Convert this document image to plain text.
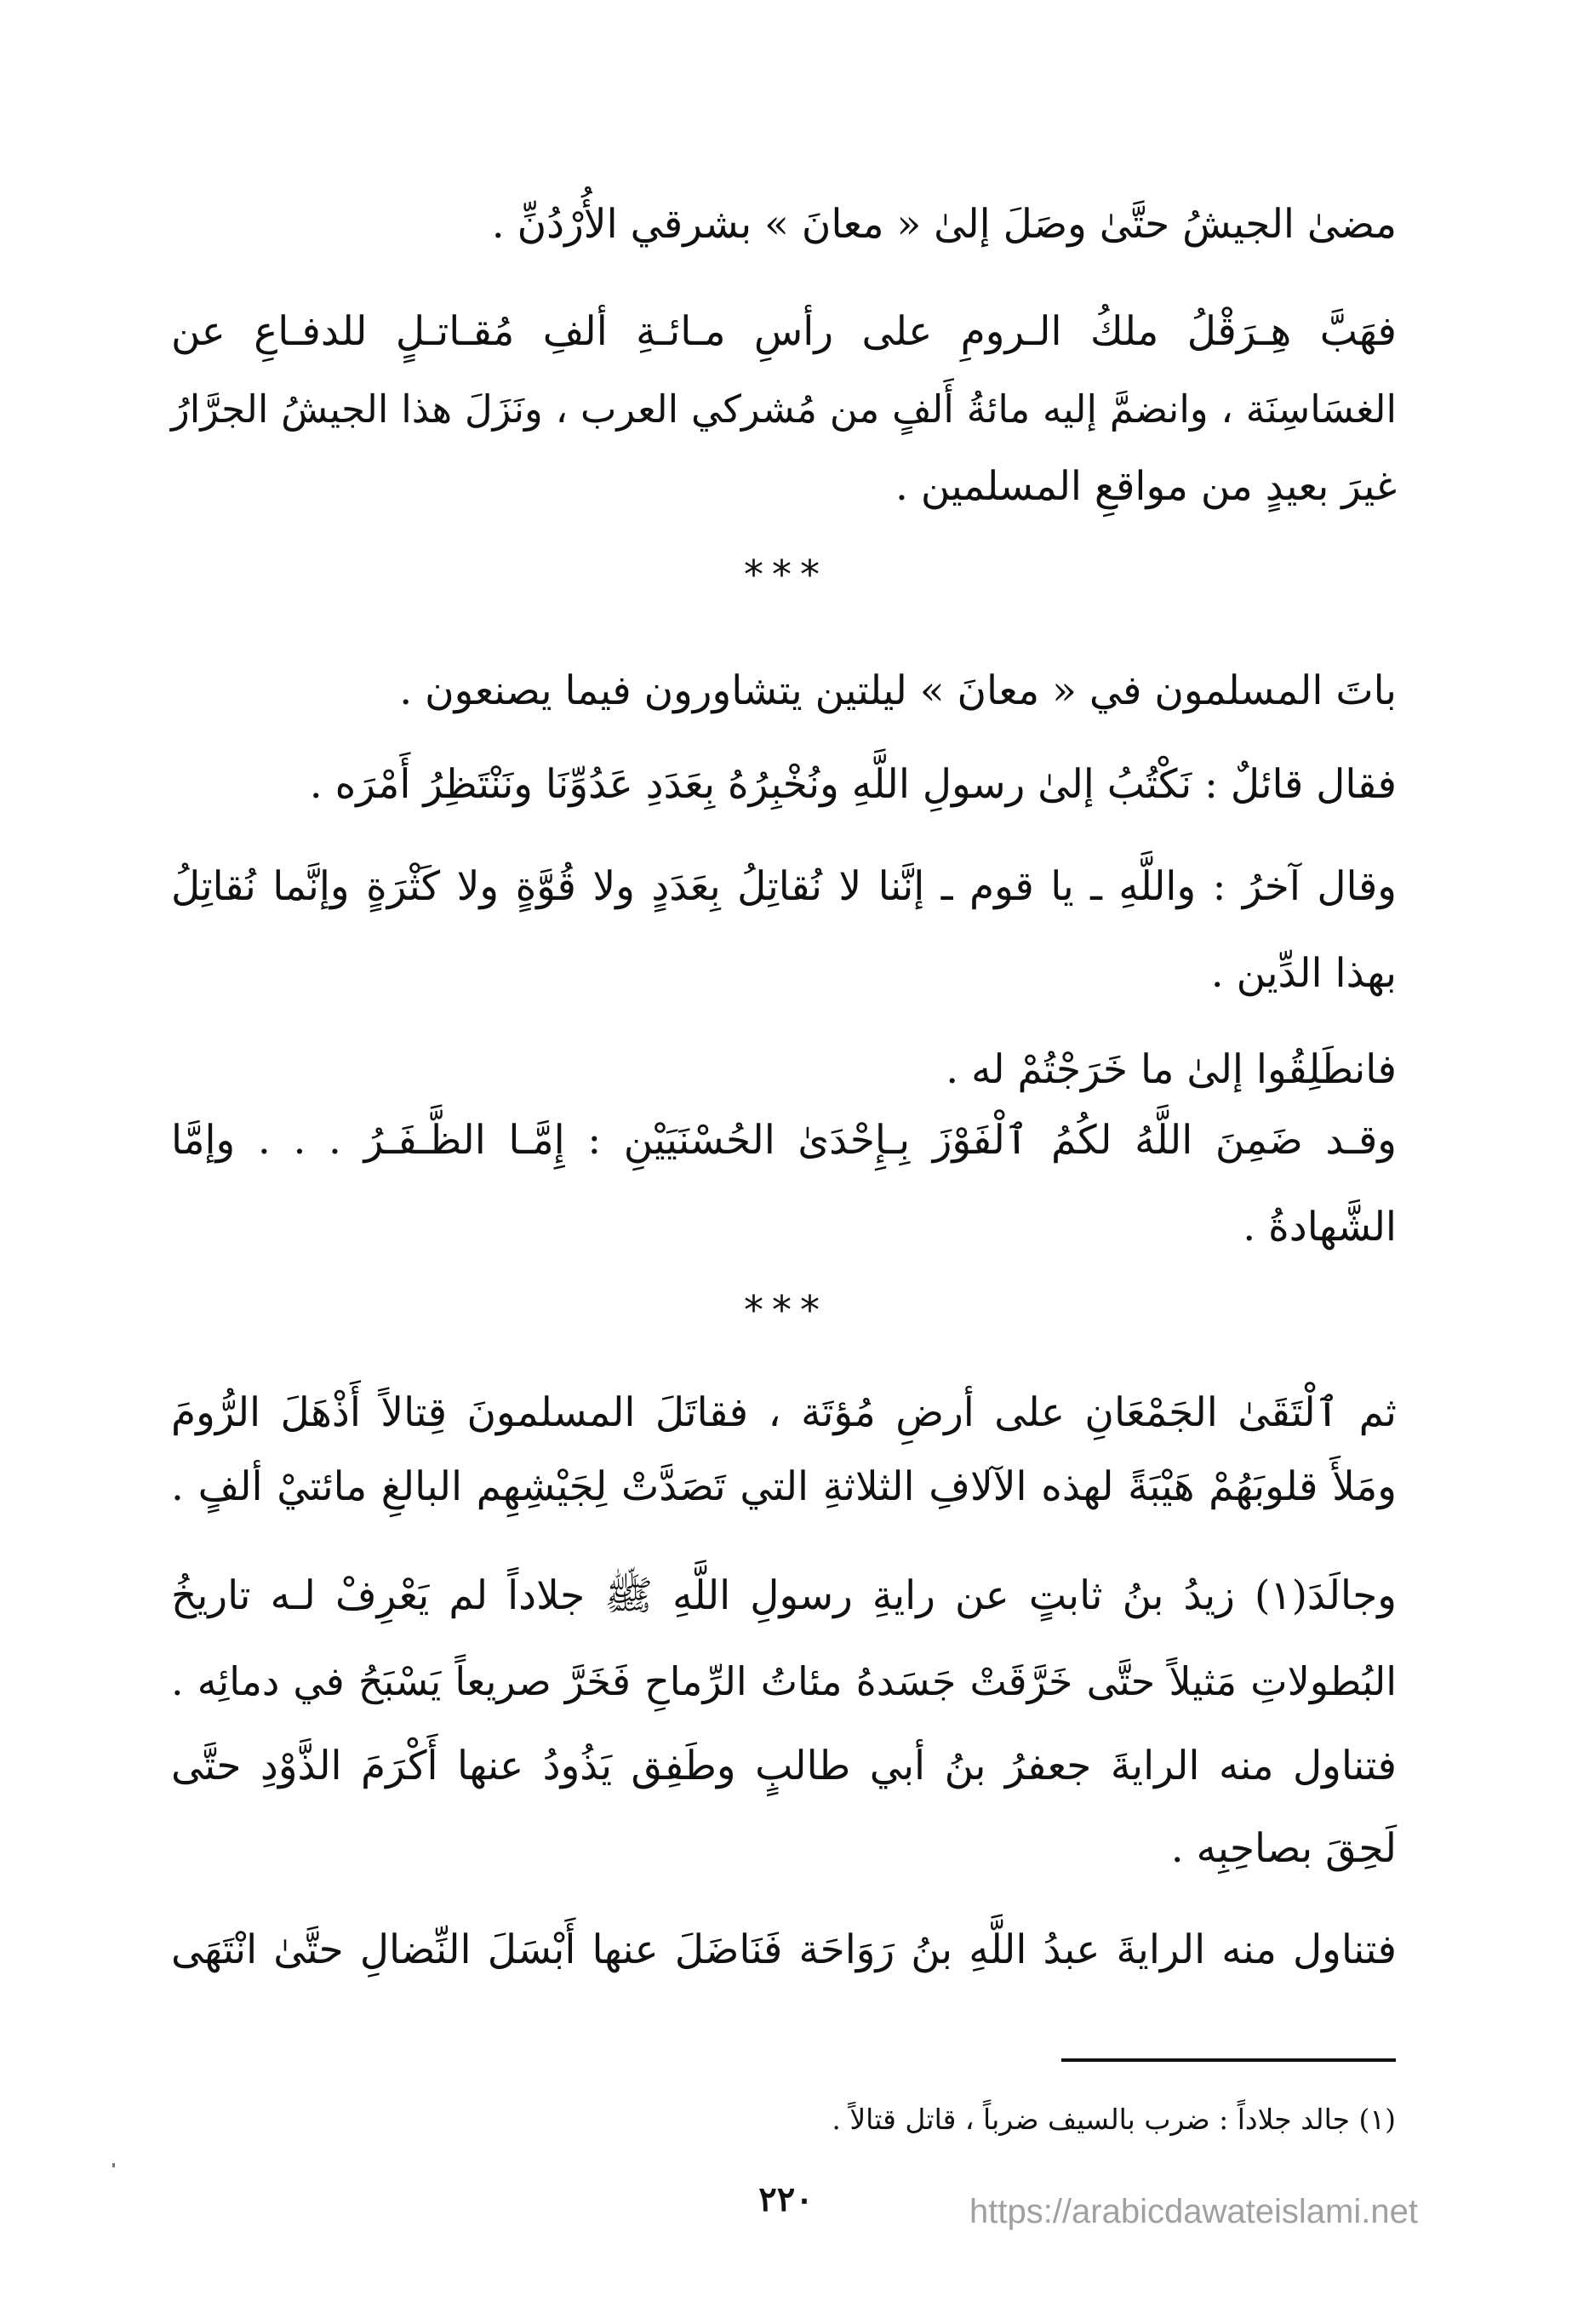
مضىٰ الجيشُ حتَّىٰ وصَلَ إلىٰ « معانَ » بشرقي الأُرْدُنِّ .
فهَبَّ هِـرَقْلُ ملكُ الـرومِ على رأسِ مـائـةِ ألفِ مُقـاتـلٍ للدفـاعِ عن
الغسَاسِنَة ، وانضمَّ إليه مائةُ أَلفٍ من مُشركي العرب ، ونَزَلَ هذا الجيشُ الجرَّارُ
غيرَ بعيدٍ من مواقعِ المسلمين .
باتَ المسلمون في « معانَ » ليلتين يتشاورون فيما يصنعون .
فقال قائلٌ : نَكْتُبُ إلىٰ رسولِ اللَّهِ ونُخْبِرُهُ بِعَدَدِ عَدُوِّنَا ونَنْتَظِرُ أَمْرَه .
وقال آخرُ : واللَّهِ ـ يا قوم ـ إنَّنا لا نُقاتِلُ بِعَدَدٍ ولا قُوَّةٍ ولا كَثْرَةٍ وإنَّما نُقاتِلُ
بهذا الدِّين .
فانطَلِقُوا إلىٰ ما خَرَجْتُمْ له .
وقـد ضَمِنَ اللَّهُ لكُمُ ٱلْفَوْزَ بِـإِحْدَىٰ الحُسْنَيَيْنِ : إِمَّـا الظَّـفَـرُ . . . وإمَّا
الشَّهادةُ .
ثم ٱلْتَقَىٰ الجَمْعَانِ على أرضِ مُؤتَة ، فقاتَلَ المسلمونَ قِتالاً أَذْهَلَ الرُّومَ
ومَلأَ قلوبَهُمْ هَيْبَةً لهذه الآلافِ الثلاثةِ التي تَصَدَّتْ لِجَيْشِهِم البالغِ مائتيْ ألفٍ .
وجالَدَ(١) زيدُ بنُ ثابتٍ عن رايةِ رسولِ اللَّهِ ﷺ جلاداً لم يَعْرِفْ لـه تاريخُ
البُطولاتِ مَثيلاً حتَّى خَرَّقَتْ جَسَدهُ مئاتُ الرِّماحِ فَخَرَّ صريعاً يَسْبَحُ في دمائِه .
فتناول منه الرايةَ جعفرُ بنُ أبي طالبٍ وطَفِق يَذُودُ عنها أَكْرَمَ الذَّوْدِ حتَّى
لَحِقَ بصاحِبِه .
فتناول منه الرايةَ عبدُ اللَّهِ بنُ رَوَاحَة فَنَاضَلَ عنها أَبْسَلَ النِّضالِ حتَّىٰ انْتَهَى
***
***
(١) جالد جلاداً : ضرب بالسيف ضرباً ، قاتل قتالاً .
٢٢٠	https://arabicdawateislami.net
